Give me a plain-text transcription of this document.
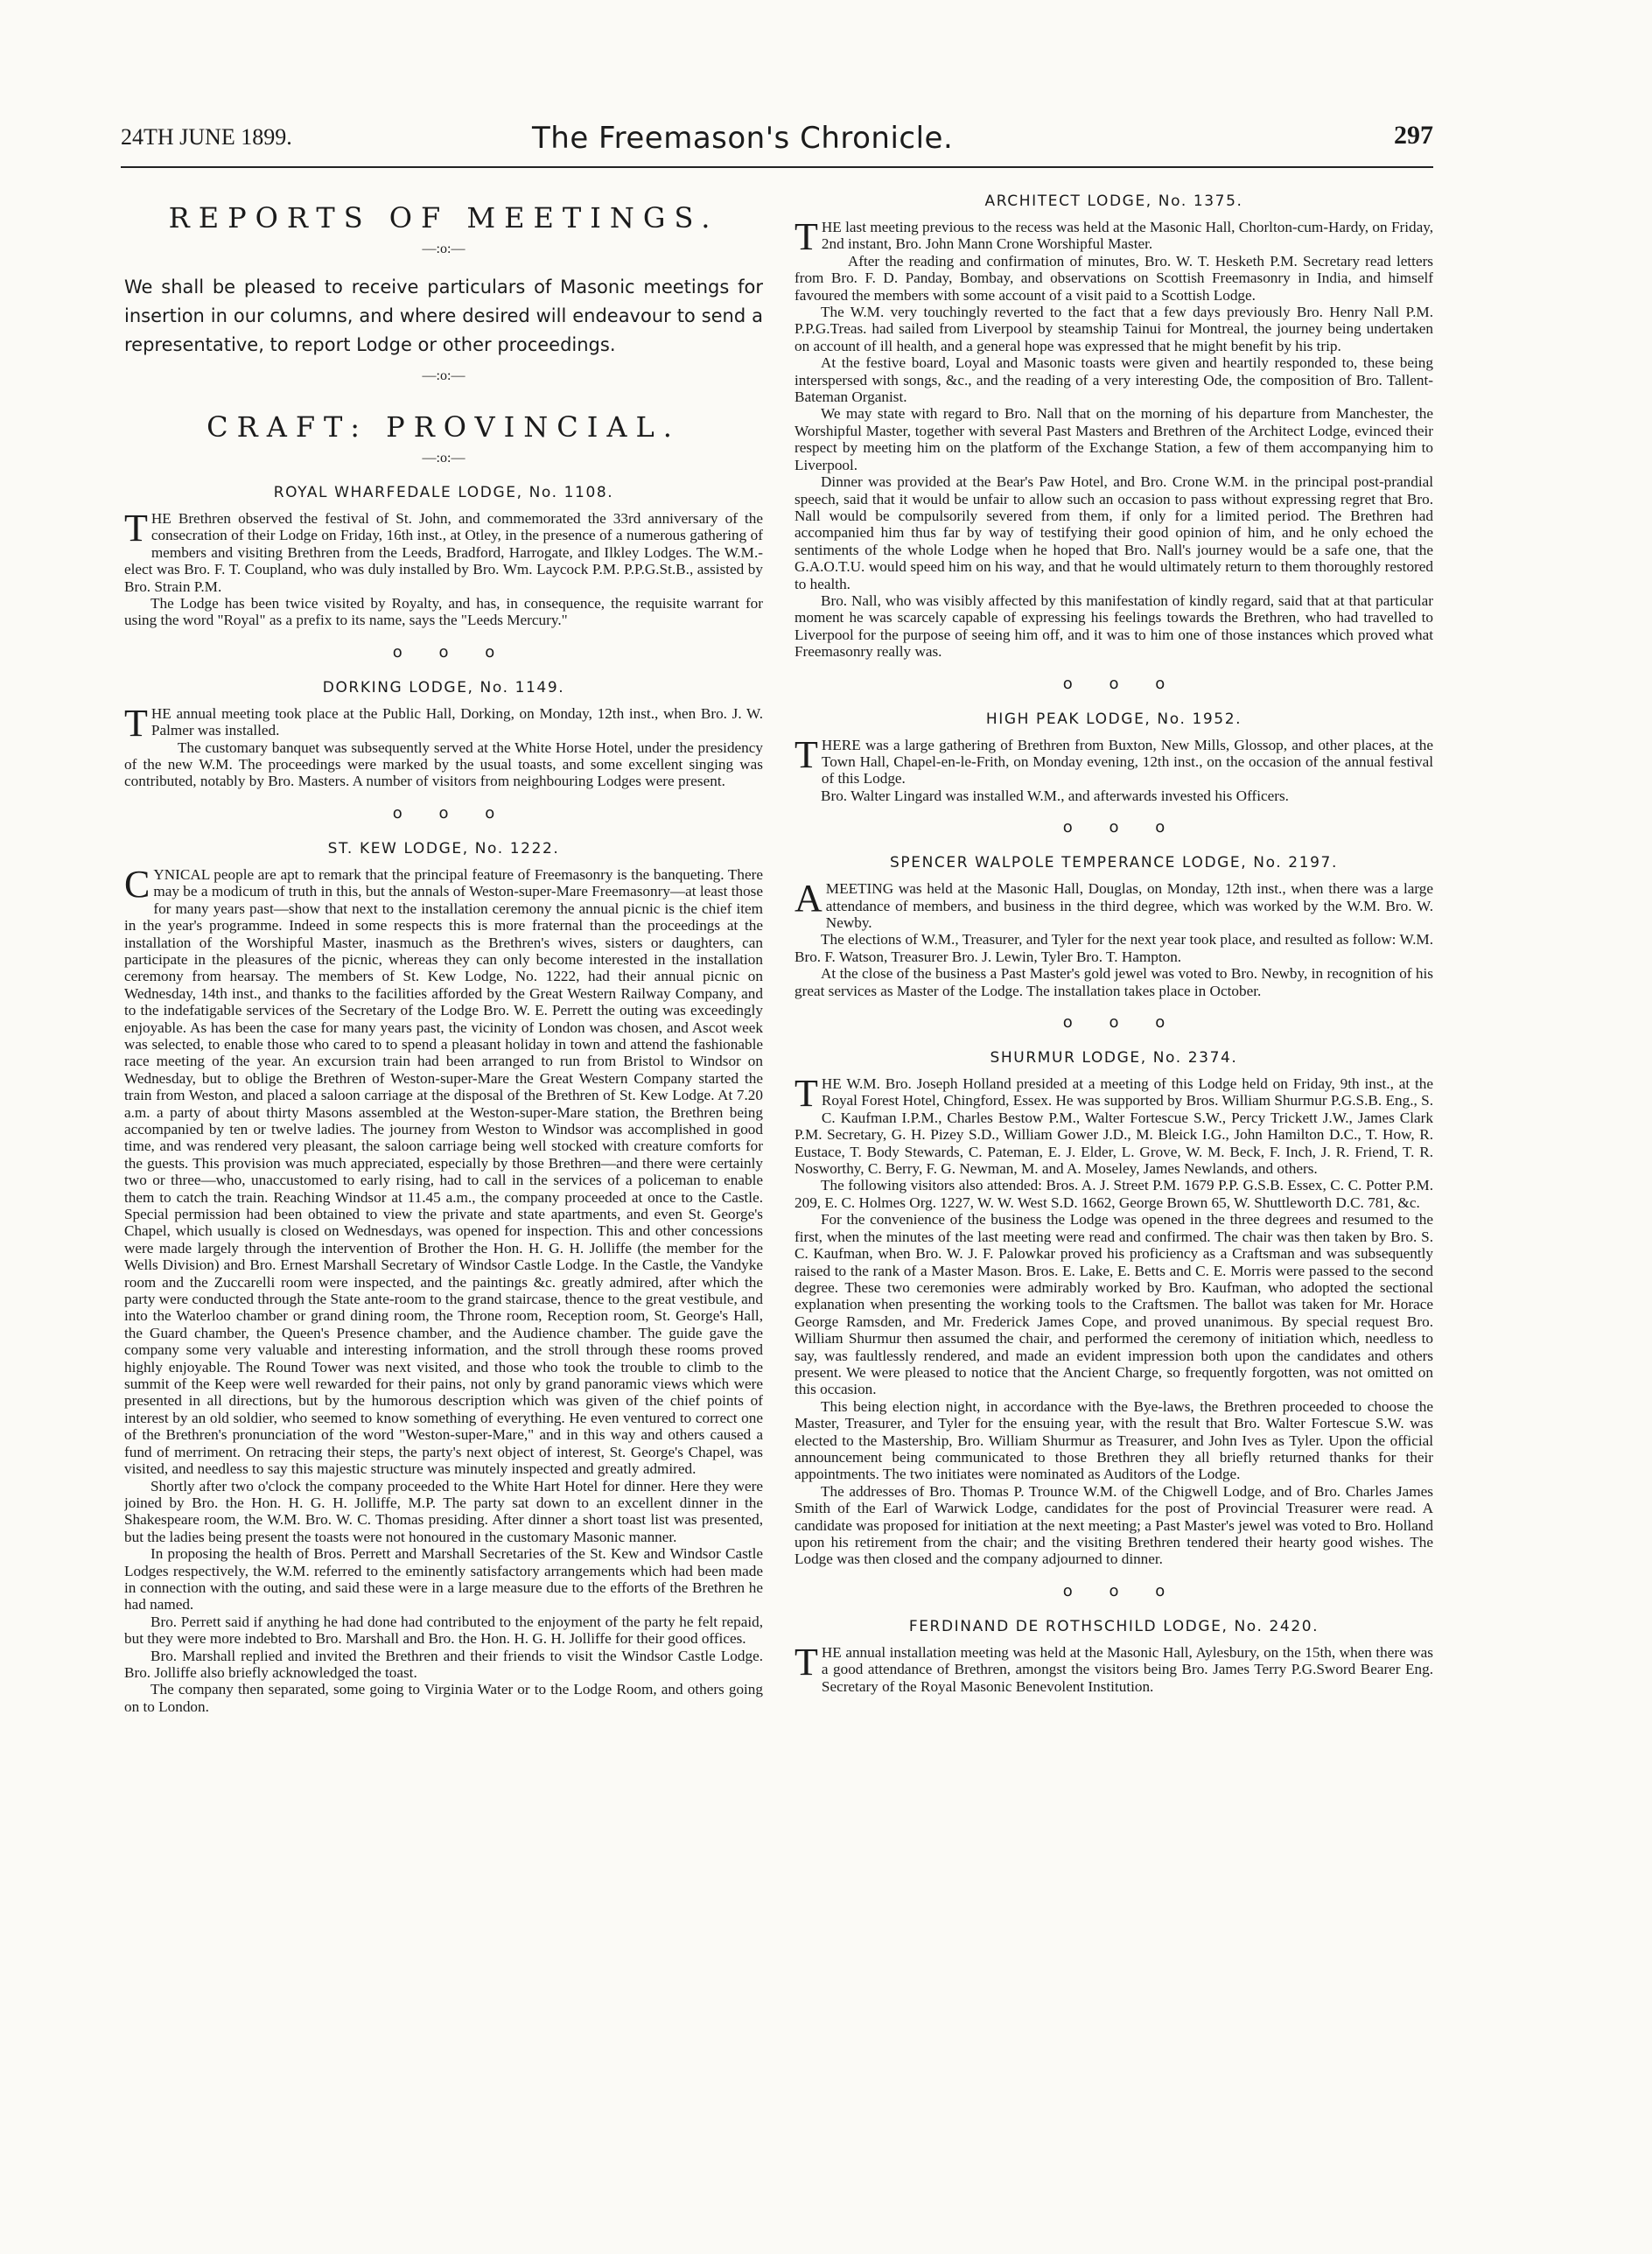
24TH JUNE 1899.	The Freemason's Chronicle.	297
REPORTS OF MEETINGS.
—:o:—
We shall be pleased to receive particulars of Masonic meetings for insertion in our columns, and where desired will endeavour to send a representative, to report Lodge or other proceedings.
—:o:—
CRAFT: PROVINCIAL.
—:o:—
ROYAL WHARFEDALE LODGE, No. 1108.

THE Brethren observed the festival of St. John, and commemorated the 33rd anniversary of the consecration of their Lodge on Friday, 16th inst., at Otley, in the presence of a numerous gathering of members and visiting Brethren from the Leeds, Bradford, Harrogate, and Ilkley Lodges. The W.M.-elect was Bro. F. T. Coupland, who was duly installed by Bro. Wm. Laycock P.M. P.P.G.St.B., assisted by Bro. Strain P.M.

The Lodge has been twice visited by Royalty, and has, in consequence, the requisite warrant for using the word "Royal" as a prefix to its name, says the "Leeds Mercury."

o o o
DORKING LODGE, No. 1149.

THE annual meeting took place at the Public Hall, Dorking, on Monday, 12th inst., when Bro. J. W. Palmer was installed.

The customary banquet was subsequently served at the White Horse Hotel, under the presidency of the new W.M. The proceedings were marked by the usual toasts, and some excellent singing was contributed, notably by Bro. Masters. A number of visitors from neighbouring Lodges were present.

o o o
ST. KEW LODGE, No. 1222.

CYNICAL people are apt to remark that the principal feature of Freemasonry is the banqueting. There may be a modicum of truth in this, but the annals of Weston-super-Mare Freemasonry—at least those for many years past—show that next to the installation ceremony the annual picnic is the chief item in the year's programme. Indeed in some respects this is more fraternal than the proceedings at the installation of the Worshipful Master, inasmuch as the Brethren's wives, sisters or daughters, can participate in the pleasures of the picnic, whereas they can only become interested in the installation ceremony from hearsay. The members of St. Kew Lodge, No. 1222, had their annual picnic on Wednesday, 14th inst., and thanks to the facilities afforded by the Great Western Railway Company, and to the indefatigable services of the Secretary of the Lodge Bro. W. E. Perrett the outing was exceedingly enjoyable. As has been the case for many years past, the vicinity of London was chosen, and Ascot week was selected, to enable those who cared to to spend a pleasant holiday in town and attend the fashionable race meeting of the year. An excursion train had been arranged to run from Bristol to Windsor on Wednesday, but to oblige the Brethren of Weston-super-Mare the Great Western Company started the train from Weston, and placed a saloon carriage at the disposal of the Brethren of St. Kew Lodge. At 7.20 a.m. a party of about thirty Masons assembled at the Weston-super-Mare station, the Brethren being accompanied by ten or twelve ladies. The journey from Weston to Windsor was accomplished in good time, and was rendered very pleasant, the saloon carriage being well stocked with creature comforts for the guests. This provision was much appreciated, especially by those Brethren—and there were certainly two or three—who, unaccustomed to early rising, had to call in the services of a policeman to enable them to catch the train. Reaching Windsor at 11.45 a.m., the company proceeded at once to the Castle. Special permission had been obtained to view the private and state apartments, and even St. George's Chapel, which usually is closed on Wednesdays, was opened for inspection. This and other concessions were made largely through the intervention of Brother the Hon. H. G. H. Jolliffe (the member for the Wells Division) and Bro. Ernest Marshall Secretary of Windsor Castle Lodge. In the Castle, the Vandyke room and the Zuccarelli room were inspected, and the paintings &c. greatly admired, after which the party were conducted through the State ante-room to the grand staircase, thence to the great vestibule, and into the Waterloo chamber or grand dining room, the Throne room, Reception room, St. George's Hall, the Guard chamber, the Queen's Presence chamber, and the Audience chamber. The guide gave the company some very valuable and interesting information, and the stroll through these rooms proved highly enjoyable. The Round Tower was next visited, and those who took the trouble to climb to the summit of the Keep were well rewarded for their pains, not only by grand panoramic views which were presented in all directions, but by the humorous description which was given of the chief points of interest by an old soldier, who seemed to know something of everything. He even ventured to correct one of the Brethren's pronunciation of the word "Weston-super-Mare," and in this way and others caused a fund of merriment. On retracing their steps, the party's next object of interest, St. George's Chapel, was visited, and needless to say this majestic structure was minutely inspected and greatly admired.

Shortly after two o'clock the company proceeded to the White Hart Hotel for dinner. Here they were joined by Bro. the Hon. H. G. H. Jolliffe, M.P. The party sat down to an excellent dinner in the Shakespeare room, the W.M. Bro. W. C. Thomas presiding. After dinner a short toast list was presented, but the ladies being present the toasts were not honoured in the customary Masonic manner.

In proposing the health of Bros. Perrett and Marshall Secretaries of the St. Kew and Windsor Castle Lodges respectively, the W.M. referred to the eminently satisfactory arrangements which had been made in connection with the outing, and said these were in a large measure due to the efforts of the Brethren he had named.

Bro. Perrett said if anything he had done had contributed to the enjoyment of the party he felt repaid, but they were more indebted to Bro. Marshall and Bro. the Hon. H. G. H. Jolliffe for their good offices.

Bro. Marshall replied and invited the Brethren and their friends to visit the Windsor Castle Lodge. Bro. Jolliffe also briefly acknowledged the toast.

The company then separated, some going to Virginia Water or to the Lodge Room, and others going on to London.

ARCHITECT LODGE, No. 1375.

THE last meeting previous to the recess was held at the Masonic Hall, Chorlton-cum-Hardy, on Friday, 2nd instant, Bro. John Mann Crone Worshipful Master.

After the reading and confirmation of minutes, Bro. W. T. Hesketh P.M. Secretary read letters from Bro. F. D. Panday, Bombay, and observations on Scottish Freemasonry in India, and himself favoured the members with some account of a visit paid to a Scottish Lodge.

The W.M. very touchingly reverted to the fact that a few days previously Bro. Henry Nall P.M. P.P.G.Treas. had sailed from Liverpool by steamship Tainui for Montreal, the journey being undertaken on account of ill health, and a general hope was expressed that he might benefit by his trip.

At the festive board, Loyal and Masonic toasts were given and heartily responded to, these being interspersed with songs, &c., and the reading of a very interesting Ode, the composition of Bro. Tallent-Bateman Organist.

We may state with regard to Bro. Nall that on the morning of his departure from Manchester, the Worshipful Master, together with several Past Masters and Brethren of the Architect Lodge, evinced their respect by meeting him on the platform of the Exchange Station, a few of them accompanying him to Liverpool.

Dinner was provided at the Bear's Paw Hotel, and Bro. Crone W.M. in the principal post-prandial speech, said that it would be unfair to allow such an occasion to pass without expressing regret that Bro. Nall would be compulsorily severed from them, if only for a limited period. The Brethren had accompanied him thus far by way of testifying their good opinion of him, and he only echoed the sentiments of the whole Lodge when he hoped that Bro. Nall's journey would be a safe one, that the G.A.O.T.U. would speed him on his way, and that he would ultimately return to them thoroughly restored to health.

Bro. Nall, who was visibly affected by this manifestation of kindly regard, said that at that particular moment he was scarcely capable of expressing his feelings towards the Brethren, who had travelled to Liverpool for the purpose of seeing him off, and it was to him one of those instances which proved what Freemasonry really was.

o o o
HIGH PEAK LODGE, No. 1952.

THERE was a large gathering of Brethren from Buxton, New Mills, Glossop, and other places, at the Town Hall, Chapel-en-le-Frith, on Monday evening, 12th inst., on the occasion of the annual festival of this Lodge.

Bro. Walter Lingard was installed W.M., and afterwards invested his Officers.

o o o
SPENCER WALPOLE TEMPERANCE LODGE, No. 2197.

AMEETING was held at the Masonic Hall, Douglas, on Monday, 12th inst., when there was a large attendance of members, and business in the third degree, which was worked by the W.M. Bro. W. Newby.

The elections of W.M., Treasurer, and Tyler for the next year took place, and resulted as follow: W.M. Bro. F. Watson, Treasurer Bro. J. Lewin, Tyler Bro. T. Hampton.

At the close of the business a Past Master's gold jewel was voted to Bro. Newby, in recognition of his great services as Master of the Lodge. The installation takes place in October.

o o o
SHURMUR LODGE, No. 2374.

THE W.M. Bro. Joseph Holland presided at a meeting of this Lodge held on Friday, 9th inst., at the Royal Forest Hotel, Chingford, Essex. He was supported by Bros. William Shurmur P.G.S.B. Eng., S. C. Kaufman I.P.M., Charles Bestow P.M., Walter Fortescue S.W., Percy Trickett J.W., James Clark P.M. Secretary, G. H. Pizey S.D., William Gower J.D., M. Bleick I.G., John Hamilton D.C., T. How, R. Eustace, T. Body Stewards, C. Pateman, E. J. Elder, L. Grove, W. M. Beck, F. Inch, J. R. Friend, T. R. Nosworthy, C. Berry, F. G. Newman, M. and A. Moseley, James Newlands, and others.

The following visitors also attended: Bros. A. J. Street P.M. 1679 P.P. G.S.B. Essex, C. C. Potter P.M. 209, E. C. Holmes Org. 1227, W. W. West S.D. 1662, George Brown 65, W. Shuttleworth D.C. 781, &c.

For the convenience of the business the Lodge was opened in the three degrees and resumed to the first, when the minutes of the last meeting were read and confirmed. The chair was then taken by Bro. S. C. Kaufman, when Bro. W. J. F. Palowkar proved his proficiency as a Craftsman and was subsequently raised to the rank of a Master Mason. Bros. E. Lake, E. Betts and C. E. Morris were passed to the second degree. These two ceremonies were admirably worked by Bro. Kaufman, who adopted the sectional explanation when presenting the working tools to the Craftsmen. The ballot was taken for Mr. Horace George Ramsden, and Mr. Frederick James Cope, and proved unanimous. By special request Bro. William Shurmur then assumed the chair, and performed the ceremony of initiation which, needless to say, was faultlessly rendered, and made an evident impression both upon the candidates and others present. We were pleased to notice that the Ancient Charge, so frequently forgotten, was not omitted on this occasion.

This being election night, in accordance with the Bye-laws, the Brethren proceeded to choose the Master, Treasurer, and Tyler for the ensuing year, with the result that Bro. Walter Fortescue S.W. was elected to the Mastership, Bro. William Shurmur as Treasurer, and John Ives as Tyler. Upon the official announcement being communicated to those Brethren they all briefly returned thanks for their appointments. The two initiates were nominated as Auditors of the Lodge.

The addresses of Bro. Thomas P. Trounce W.M. of the Chigwell Lodge, and of Bro. Charles James Smith of the Earl of Warwick Lodge, candidates for the post of Provincial Treasurer were read. A candidate was proposed for initiation at the next meeting; a Past Master's jewel was voted to Bro. Holland upon his retirement from the chair; and the visiting Brethren tendered their hearty good wishes. The Lodge was then closed and the company adjourned to dinner.

o o o
FERDINAND DE ROTHSCHILD LODGE, No. 2420.

THE annual installation meeting was held at the Masonic Hall, Aylesbury, on the 15th, when there was a good attendance of Brethren, amongst the visitors being Bro. James Terry P.G.Sword Bearer Eng. Secretary of the Royal Masonic Benevolent Institution.
